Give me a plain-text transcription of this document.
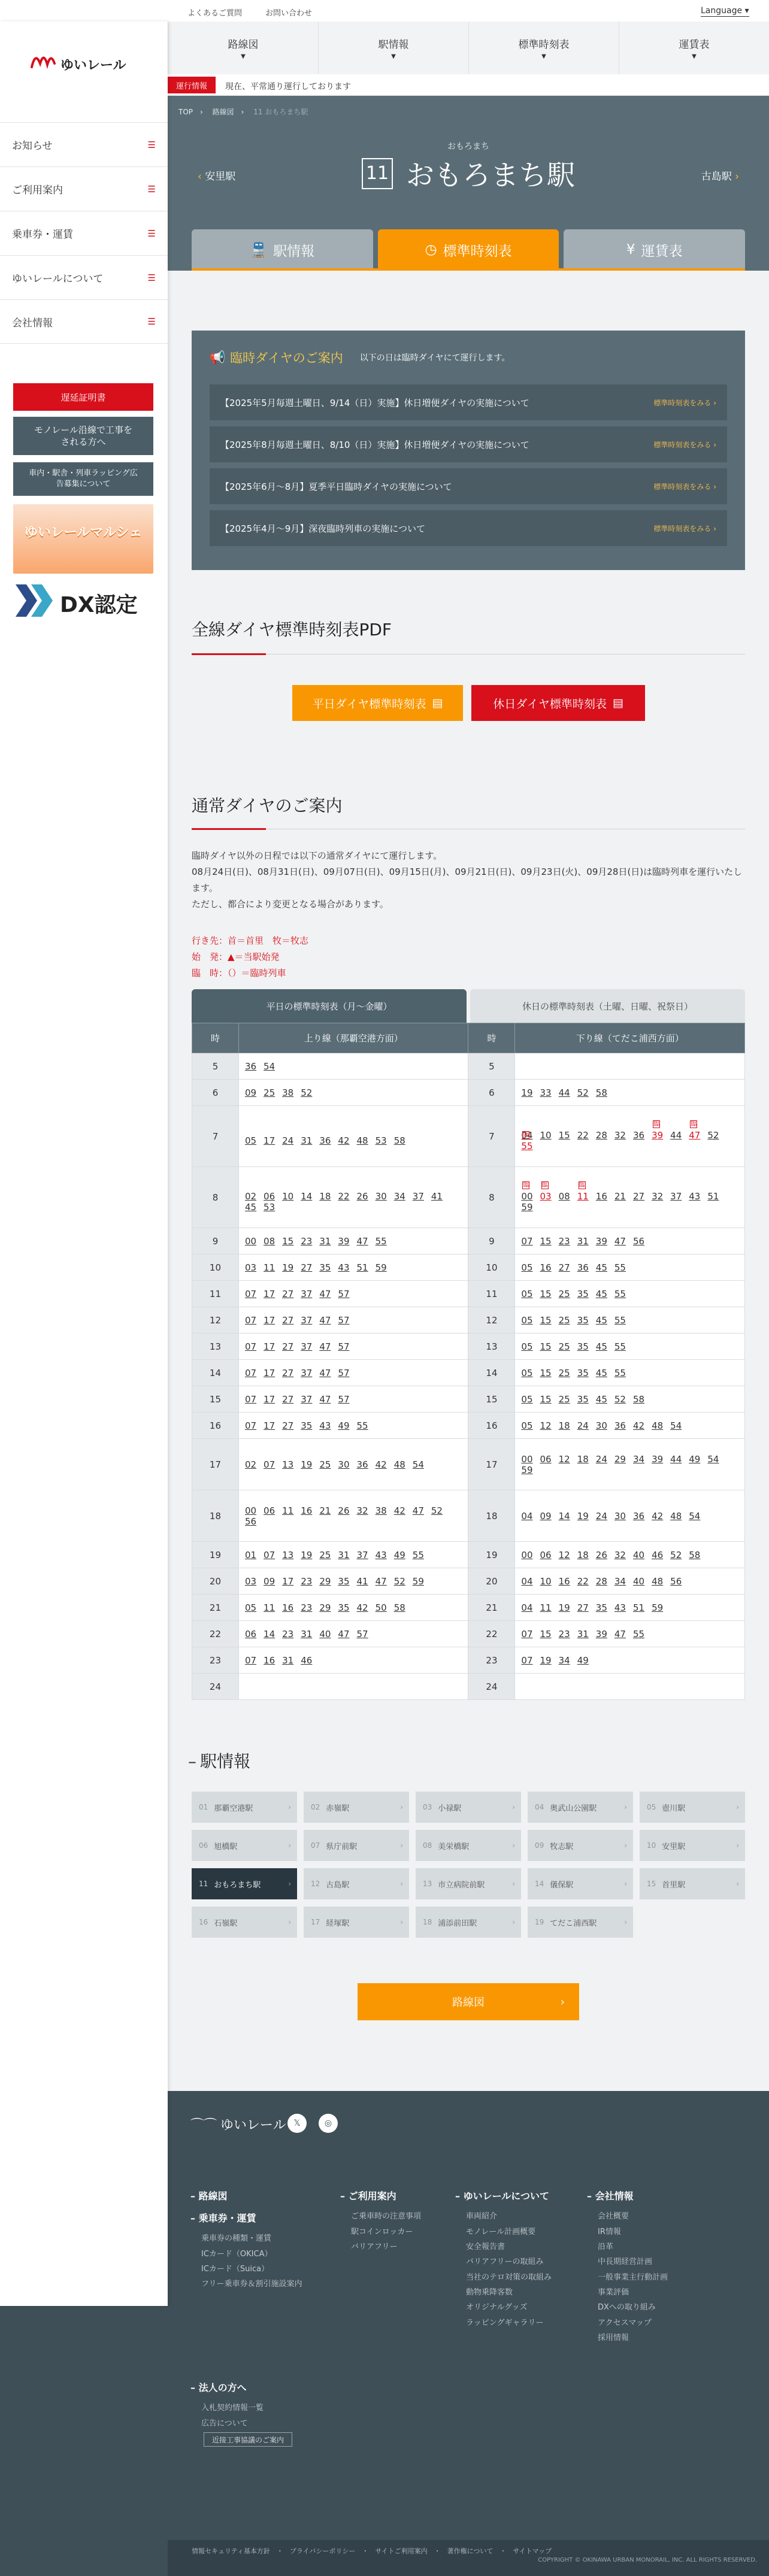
よくあるご質問	お問い合わせ	Language ▾
ゆいレール
お知らせ	☰
ご利用案内	☰
乗車券・運賃	☰
ゆいレールについて	☰
会社情報	☰
遅延証明書
モノレール沿線で工事をされる方へ
車内・駅舎・列車ラッピング広告募集について
ゆいレールマルシェ
DX認定
路線図
▼
駅情報
▼
標準時刻表
▼
運賃表
▼
運行情報	現在、平常通り運行しております
TOP　›　 路線図　›　 11 おもろまち駅
‹ 安里駅	古島駅 ›
おもろまち
11 おもろまち駅
🚆 駅情報	◷ 標準時刻表	¥ 運賃表
📢 臨時ダイヤのご案内 以下の日は臨時ダイヤにて運行します。
【2025年5月毎週土曜日、9/14（日）実施】休日増便ダイヤの実施について	標準時刻表をみる ›
【2025年8月毎週土曜日、8/10（日）実施】休日増便ダイヤの実施について	標準時刻表をみる ›
【2025年6月～8月】夏季平日臨時ダイヤの実施について	標準時刻表をみる ›
【2025年4月～9月】深夜臨時列車の実施について	標準時刻表をみる ›
全線ダイヤ標準時刻表PDF
平日ダイヤ標準時刻表 ▤	休日ダイヤ標準時刻表 ▤
通常ダイヤのご案内

臨時ダイヤ以外の日程では以下の通常ダイヤにて運行します。

08月24日(日)、08月31日(日)、09月07日(日)、09月15日(月)、09月21日(日)、09月23日(火)、09月28日(日)は臨時列車を運行いたします。

ただし、都合により変更となる場合があります。

行き先：首＝首里　牧＝牧志

始　発：▲＝当駅始発

臨　時：（）＝臨時列車

平日の標準時刻表（月〜金曜）	休日の標準時刻表（土曜、日曜、祝祭日）
時	上り線（那覇空港方面）	時	下り線（てだこ浦西方面）
5	36 54	5	
6	09 25 38 52	6	19 33 44 52 58
7	05 17 24 31 36 42 48 53 58	7	04 10 15 22 28 32 36 臨 39 44 臨 47 52臨 55
8	02 06 10 14 18 22 26 30 34 37 4145 53	8	臨 00 臨 03 08 臨 11 16 21 27 32 37 43 5159
9	00 08 15 23 31 39 47 55	9	07 15 23 31 39 47 56
10	03 11 19 27 35 43 51 59	10	05 16 27 36 45 55
11	07 17 27 37 47 57	11	05 15 25 35 45 55
12	07 17 27 37 47 57	12	05 15 25 35 45 55
13	07 17 27 37 47 57	13	05 15 25 35 45 55
14	07 17 27 37 47 57	14	05 15 25 35 45 55
15	07 17 27 37 47 57	15	05 15 25 35 45 52 58
16	07 17 27 35 43 49 55	16	05 12 18 24 30 36 42 48 54
17	02 07 13 19 25 30 36 42 48 54	17	00 06 12 18 24 29 34 39 44 49 5459
18	00 06 11 16 21 26 32 38 42 47 5256	18	04 09 14 19 24 30 36 42 48 54
19	01 07 13 19 25 31 37 43 49 55	19	00 06 12 18 26 32 40 46 52 58
20	03 09 17 23 29 35 41 47 52 59	20	04 10 16 22 28 34 40 48 56
21	05 11 16 23 29 35 42 50 58	21	04 11 19 27 35 43 51 59
22	06 14 23 31 40 47 57	22	07 15 23 31 39 47 55
23	07 16 31 46	23	07 19 34 49
24		24	
– 駅情報
01 那覇空港駅	›	02 赤嶺駅	›	03 小禄駅	›	04 奥武山公園駅	›	05 壺川駅	›
06 旭橋駅	›	07 県庁前駅	›	08 美栄橋駅	›	09 牧志駅	›	10 安里駅	›
11 おもろまち駅	›	12 古島駅	›	13 市立病院前駅	›	14 儀保駅	›	15 首里駅	›
16 石嶺駅	›	17 経塚駅	›	18 浦添前田駅	›	19 てだこ浦西駅	›
路線図	›
⌒⌒ ゆいレール 𝕏	◎
– 路線図
– 乗車券・運賃
乗車券の種類・運賃
ICカード（OKICA）
ICカード（Suica）
フリー乗車券＆割引施設案内
– ご利用案内
ご乗車時の注意事項
駅コインロッカー
バリアフリー
– ゆいレールについて
車両紹介
モノレール計画概要
安全報告書
バリアフリーの取組み
当社のテロ対策の取組み
動物乗降客数
オリジナルグッズ
ラッピングギャラリー
– 会社情報
会社概要
IR情報
沿革
中長期経営計画
一般事業主行動計画
事業評価
DXへの取り組み
アクセスマップ
採用情報
– 法人の方へ
入札契約情報一覧
広告について
近接工事協議のご案内
情報セキュリティ基本方針　・　プライバシーポリシー　・　サイトご利用案内　・　著作権について　・　サイトマップ
COPYRIGHT © OKINAWA URBAN MONORAIL, INC. ALL RIGHTS RESERVED.
